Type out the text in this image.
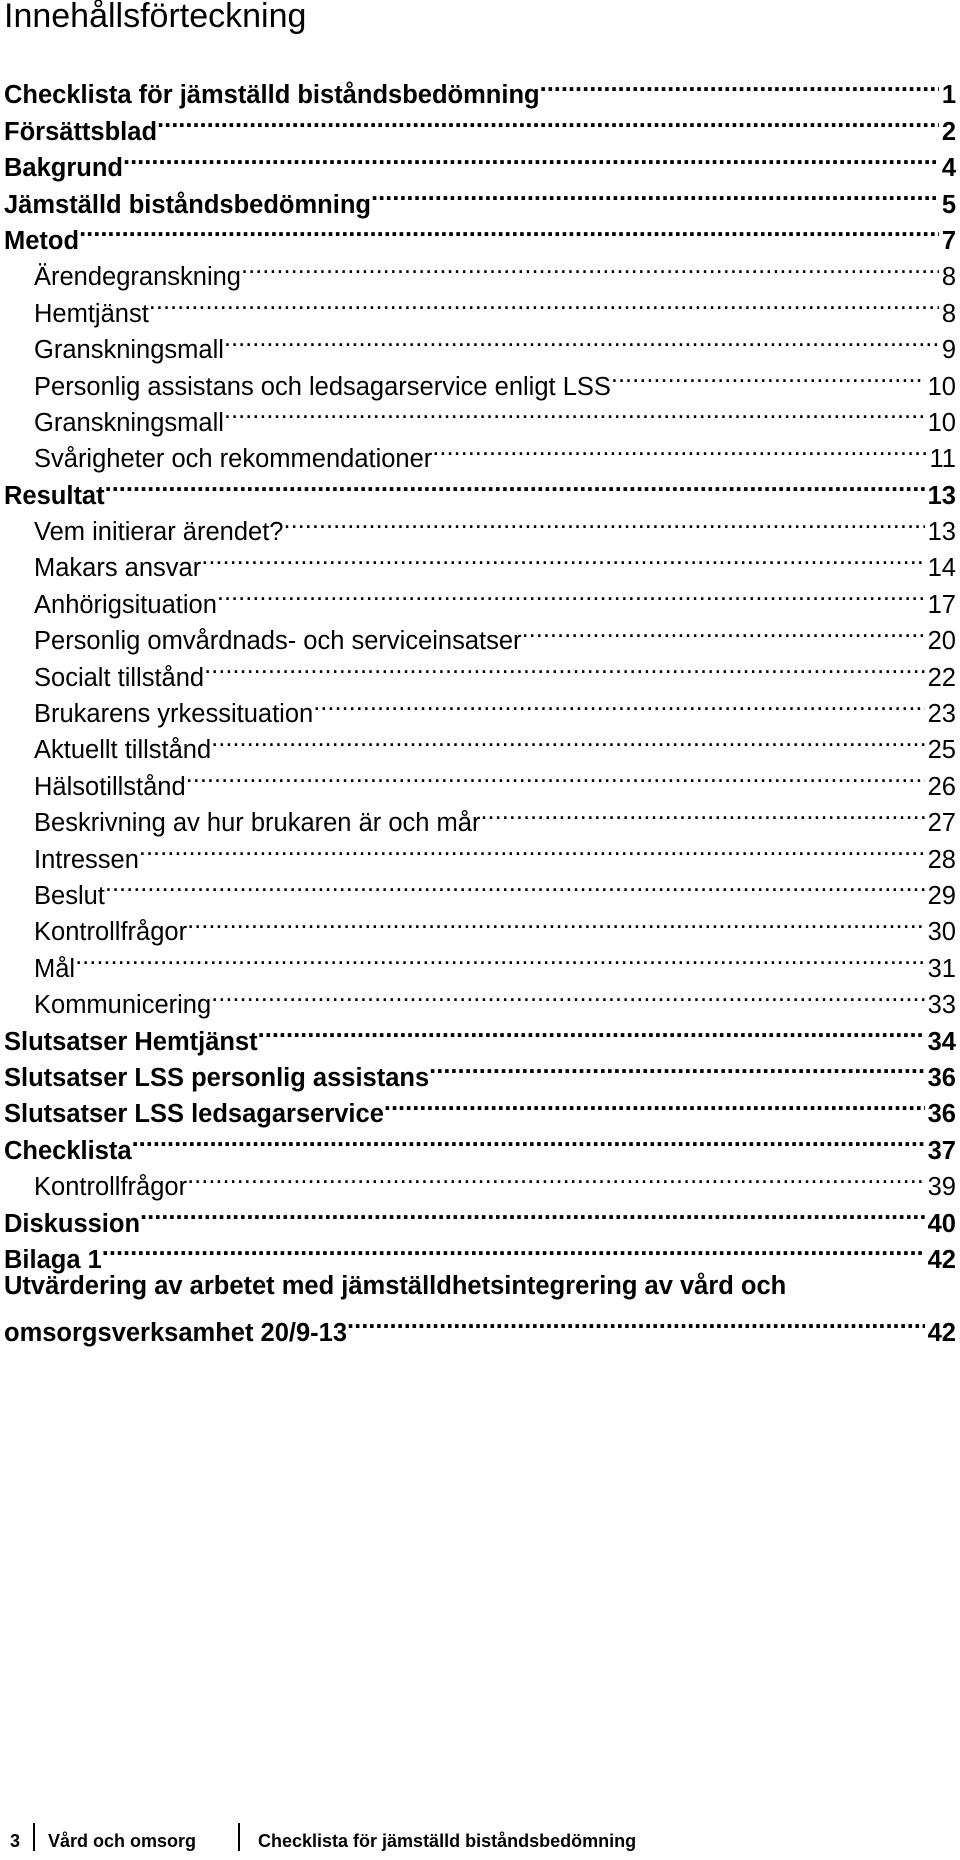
Innehållsförteckning
Checklista för jämställd biståndsbedömning .....	1
Försättsblad .....	2
Bakgrund .....	4
Jämställd biståndsbedömning .....	5
Metod .....	7
Ärendegranskning .....	8
Hemtjänst .....	8
Granskningsmall .....	9
Personlig assistans och ledsagarservice enligt LSS .....	10
Granskningsmall .....	10
Svårigheter och rekommendationer .....	11
Resultat .....	13
Vem initierar ärendet? .....	13
Makars ansvar .....	14
Anhörigsituation .....	17
Personlig omvårdnads- och serviceinsatser .....	20
Socialt tillstånd .....	22
Brukarens yrkessituation .....	23
Aktuellt tillstånd .....	25
Hälsotillstånd .....	26
Beskrivning av hur brukaren är och mår .....	27
Intressen .....	28
Beslut .....	29
Kontrollfrågor .....	30
Mål .....	31
Kommunicering .....	33
Slutsatser Hemtjänst .....	34
Slutsatser LSS personlig assistans .....	36
Slutsatser LSS ledsagarservice .....	36
Checklista .....	37
Kontrollfrågor .....	39
Diskussion .....	40
Bilaga 1 .....	42
Utvärdering av arbetet med jämställdhetsintegrering av vård och
omsorgsverksamhet 20/9-13 .....	42
3 Vård och omsorg	Checklista för jämställd biståndsbedömning
